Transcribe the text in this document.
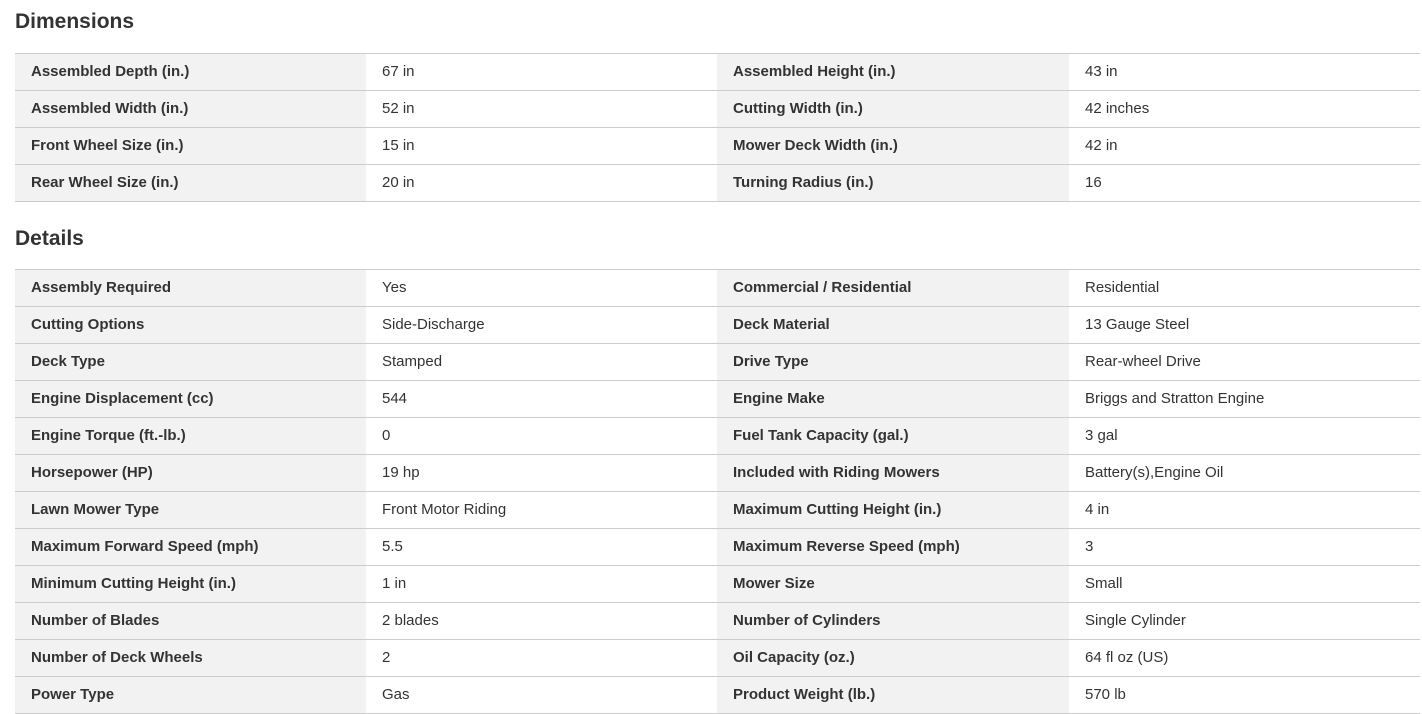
Dimensions
Assembled Depth (in.)	67 in	Assembled Height (in.)	43 in
Assembled Width (in.)	52 in	Cutting Width (in.)	42 inches
Front Wheel Size (in.)	15 in	Mower Deck Width (in.)	42 in
Rear Wheel Size (in.)	20 in	Turning Radius (in.)	16
Details
Assembly Required	Yes	Commercial / Residential	Residential
Cutting Options	Side-Discharge	Deck Material	13 Gauge Steel
Deck Type	Stamped	Drive Type	Rear-wheel Drive
Engine Displacement (cc)	544	Engine Make	Briggs and Stratton Engine
Engine Torque (ft.-lb.)	0	Fuel Tank Capacity (gal.)	3 gal
Horsepower (HP)	19 hp	Included with Riding Mowers	Battery(s),Engine Oil
Lawn Mower Type	Front Motor Riding	Maximum Cutting Height (in.)	4 in
Maximum Forward Speed (mph)	5.5	Maximum Reverse Speed (mph)	3
Minimum Cutting Height (in.)	1 in	Mower Size	Small
Number of Blades	2 blades	Number of Cylinders	Single Cylinder
Number of Deck Wheels	2	Oil Capacity (oz.)	64 fl oz (US)
Power Type	Gas	Product Weight (lb.)	570 lb
